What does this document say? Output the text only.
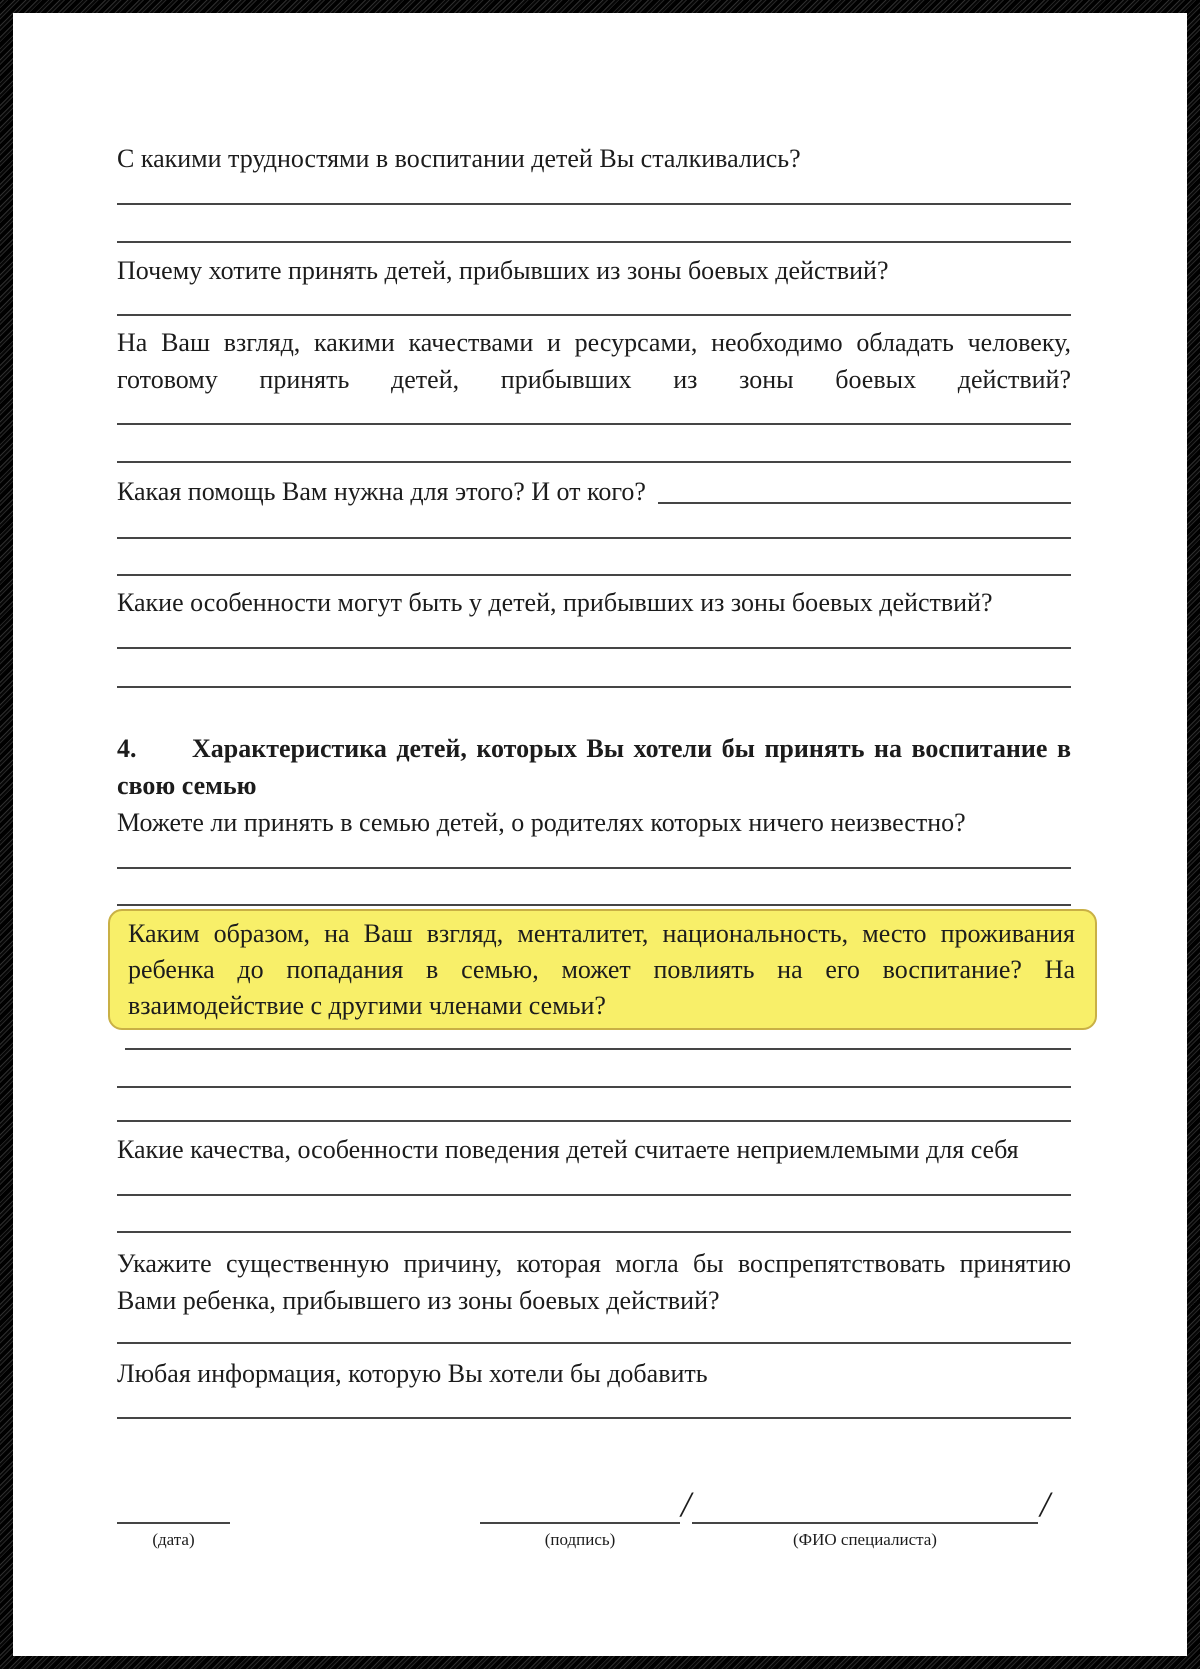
С какими трудностями в воспитании детей Вы сталкивались?

Почему хотите принять детей, прибывших из зоны боевых действий?

На Ваш взгляд, какими качествами и ресурсами, необходимо обладать человеку, готовому принять детей, прибывших из зоны боевых действий?

Какая помощь Вам нужна для этого? И от кого?

Какие особенности могут быть у детей, прибывших из зоны боевых действий?

4. Характеристика детей, которых Вы хотели бы принять на воспитание в свою семью

Можете ли принять в семью детей, о родителях которых ничего неизвестно?

Каким образом, на Ваш взгляд, менталитет, национальность, место проживания ребенка до попадания в семью, может повлиять на его воспитание? На взаимодействие с другими членами семьи?

Какие качества, особенности поведения детей считаете неприемлемыми для себя

Укажите существенную причину, которая могла бы воспрепятствовать принятию Вами ребенка, прибывшего из зоны боевых действий?

Любая информация, которую Вы хотели бы добавить

/	/
(дата)	(подпись)	(ФИО специалиста)
